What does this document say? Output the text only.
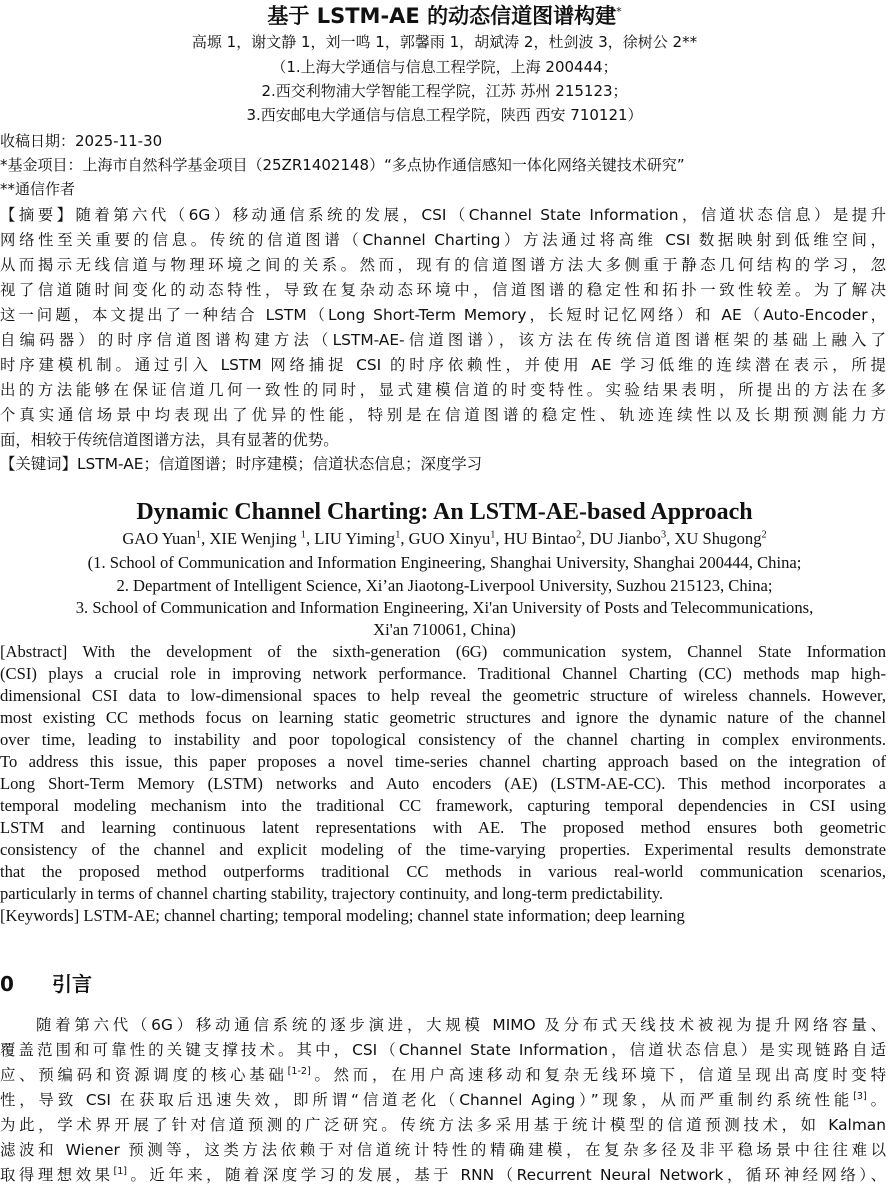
基于 LSTM-AE 的动态信道图谱构建*
高塬 1，谢文静 1，刘一鸣 1，郭馨雨 1，胡斌涛 2，杜剑波 3，徐树公 2**
（1.上海大学通信与信息工程学院，上海 200444；
2.西交利物浦大学智能工程学院，江苏 苏州 215123；
3.西安邮电大学通信与信息工程学院，陕西 西安 710121）
收稿日期：2025-11-30
*基金项目：上海市自然科学基金项目（25ZR1402148）“多点协作通信感知一体化网络关键技术研究”
**通信作者
【摘要】随着第六代（6G）移动通信系统的发展，CSI（Channel State Information，信道状态信息）是提升
网络性至关重要的信息。传统的信道图谱（Channel Charting）方法通过将高维 CSI 数据映射到低维空间，
从而揭示无线信道与物理环境之间的关系。然而，现有的信道图谱方法大多侧重于静态几何结构的学习，忽
视了信道随时间变化的动态特性，导致在复杂动态环境中，信道图谱的稳定性和拓扑一致性较差。为了解决
这一问题，本文提出了一种结合 LSTM（Long Short-Term Memory，长短时记忆网络）和 AE（Auto-Encoder，
自编码器）的时序信道图谱构建方法（LSTM-AE-信道图谱），该方法在传统信道图谱框架的基础上融入了
时序建模机制。通过引入 LSTM 网络捕捉 CSI 的时序依赖性，并使用 AE 学习低维的连续潜在表示，所提
出的方法能够在保证信道几何一致性的同时，显式建模信道的时变特性。实验结果表明，所提出的方法在多
个真实通信场景中均表现出了优异的性能，特别是在信道图谱的稳定性、轨迹连续性以及长期预测能力方
面，相较于传统信道图谱方法，具有显著的优势。
【关键词】LSTM-AE；信道图谱；时序建模；信道状态信息；深度学习
Dynamic Channel Charting: An LSTM-AE-based Approach
GAO Yuan$^1$, XIE Wenjing $^1$, LIU Yiming$^1$, GUO Xinyu$^1$, HU Bintao$^2$, DU Jianbo$^3$, XU Shugong$^2$
(1. School of Communication and Information Engineering, Shanghai University, Shanghai 200444, China;
2. Department of Intelligent Science, Xi’an Jiaotong-Liverpool University, Suzhou 215123, China;
3. School of Communication and Information Engineering, Xi'an University of Posts and Telecommunications,
Xi'an 710061, China)
[Abstract] With the development of the sixth-generation (6G) communication system, Channel State Information
(CSI) plays a crucial role in improving network performance. Traditional Channel Charting (CC) methods map high-
dimensional CSI data to low-dimensional spaces to help reveal the geometric structure of wireless channels. However,
most existing CC methods focus on learning static geometric structures and ignore the dynamic nature of the channel
over time, leading to instability and poor topological consistency of the channel charting in complex environments.
To address this issue, this paper proposes a novel time-series channel charting approach based on the integration of
Long Short-Term Memory (LSTM) networks and Auto encoders (AE) (LSTM-AE-CC). This method incorporates a
temporal modeling mechanism into the traditional CC framework, capturing temporal dependencies in CSI using
LSTM and learning continuous latent representations with AE. The proposed method ensures both geometric
consistency of the channel and explicit modeling of the time-varying properties. Experimental results demonstrate
that the proposed method outperforms traditional CC methods in various real-world communication scenarios,
particularly in terms of channel charting stability, trajectory continuity, and long-term predictability.
[Keywords] LSTM-AE; channel charting; temporal modeling; channel state information; deep learning
0 引言
随着第六代（6G）移动通信系统的逐步演进，大规模 MIMO 及分布式天线技术被视为提升网络容量、
覆盖范围和可靠性的关键支撑技术。其中，CSI（Channel State Information，信道状态信息）是实现链路自适
应、预编码和资源调度的核心基础[1-2]。然而，在用户高速移动和复杂无线环境下，信道呈现出高度时变特
性，导致 CSI 在获取后迅速失效，即所谓“信道老化（Channel Aging）”现象，从而严重制约系统性能[3]。
为此，学术界开展了针对信道预测的广泛研究。传统方法多采用基于统计模型的信道预测技术，如 Kalman
滤波和 Wiener 预测等，这类方法依赖于对信道统计特性的精确建模，在复杂多径及非平稳场景中往往难以
取得理想效果[1]。近年来，随着深度学习的发展，基于 RNN（Recurrent Neural Network，循环神经网络）、
